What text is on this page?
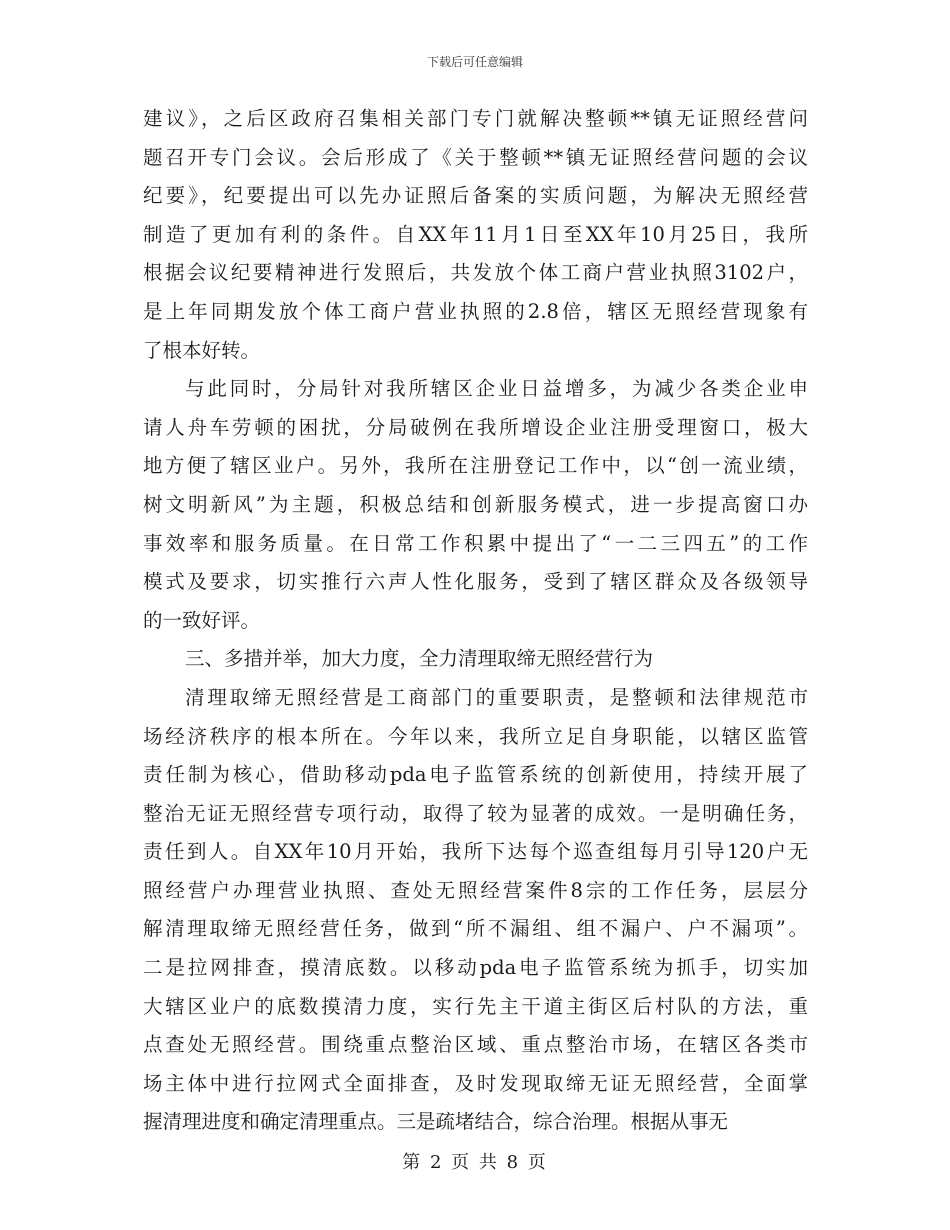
下载后可任意编辑
建议》，之后区政府召集相关部门专门就解决整顿**镇无证照经营问
题召开专门会议。会后形成了《关于整顿**镇无证照经营问题的会议
纪要》，纪要提出可以先办证照后备案的实质问题，为解决无照经营
制造了更加有利的条件。自XX年11月1日至XX年10月25日，我所
根据会议纪要精神进行发照后，共发放个体工商户营业执照3102户，
是上年同期发放个体工商户营业执照的2.8倍，辖区无照经营现象有
了根本好转。
与此同时，分局针对我所辖区企业日益增多，为减少各类企业申
请人舟车劳顿的困扰，分局破例在我所增设企业注册受理窗口，极大
地方便了辖区业户。另外，我所在注册登记工作中，以“创一流业绩，
树文明新风”为主题，积极总结和创新服务模式，进一步提高窗口办
事效率和服务质量。在日常工作积累中提出了“一二三四五”的工作
模式及要求，切实推行六声人性化服务，受到了辖区群众及各级领导
的一致好评。
三、多措并举，加大力度，全力清理取缔无照经营行为
清理取缔无照经营是工商部门的重要职责，是整顿和法律规范市
场经济秩序的根本所在。今年以来，我所立足自身职能，以辖区监管
责任制为核心，借助移动pda电子监管系统的创新使用，持续开展了
整治无证无照经营专项行动，取得了较为显著的成效。一是明确任务，
责任到人。自XX年10月开始，我所下达每个巡查组每月引导120户无
照经营户办理营业执照、查处无照经营案件8宗的工作任务，层层分
解清理取缔无照经营任务，做到“所不漏组、组不漏户、户不漏项”。
二是拉网排查，摸清底数。以移动pda电子监管系统为抓手，切实加
大辖区业户的底数摸清力度，实行先主干道主街区后村队的方法，重
点查处无照经营。围绕重点整治区域、重点整治市场，在辖区各类市
场主体中进行拉网式全面排查，及时发现取缔无证无照经营，全面掌
握清理进度和确定清理重点。三是疏堵结合，综合治理。根据从事无
第 2 页 共 8 页
